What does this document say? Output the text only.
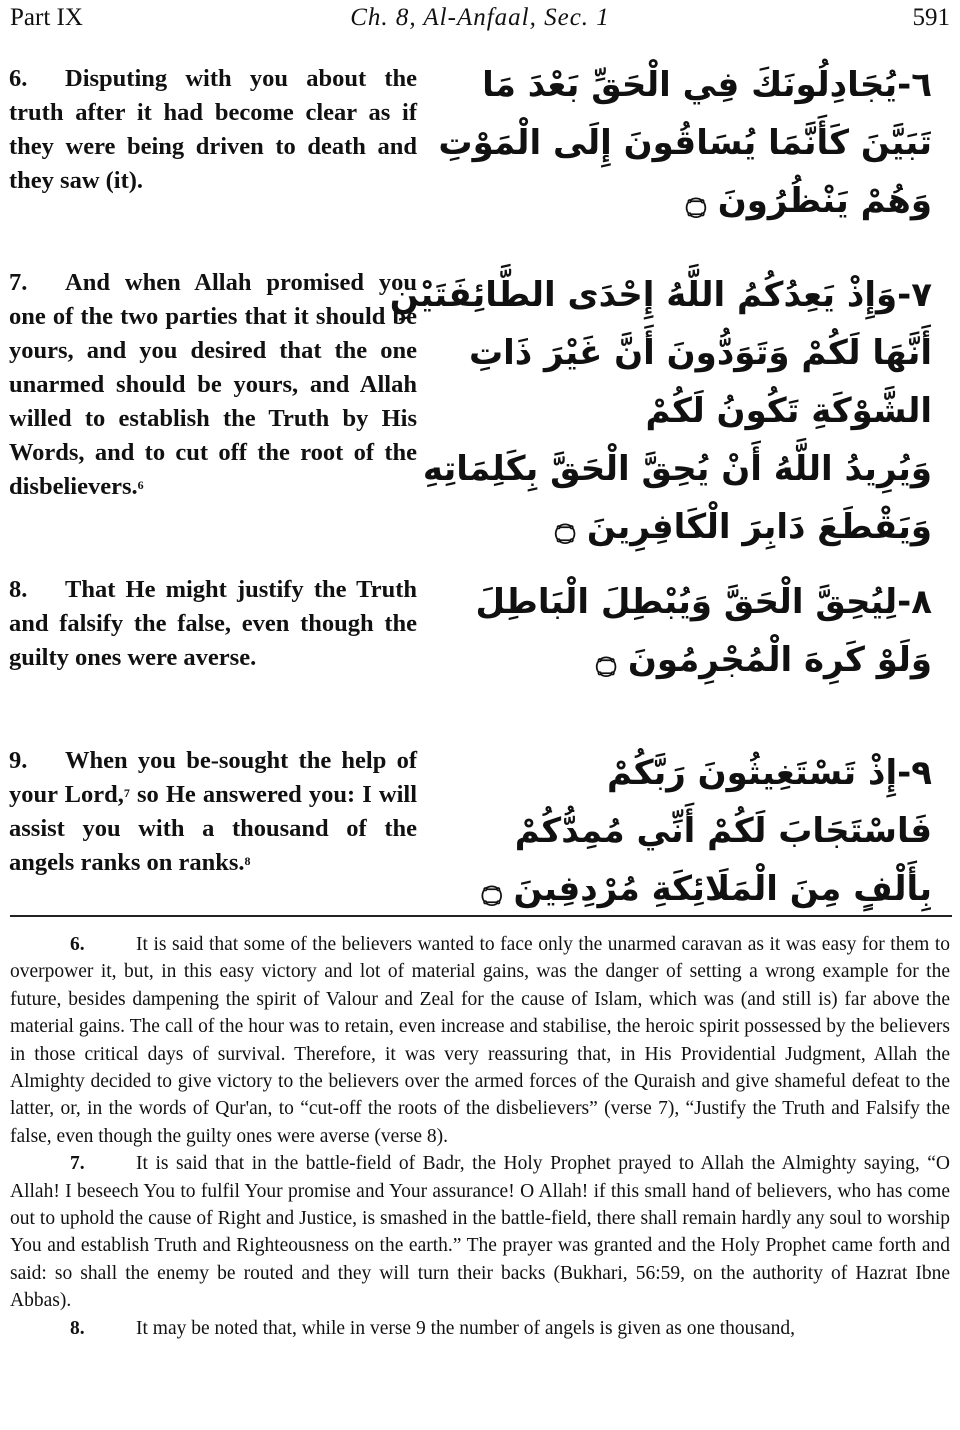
Ch. 8, Al-Anfaal, Sec. 1
Part IX	591
6. Disputing with you about the truth after it had become clear as if they were being driven to death and they saw (it).
٦-يُجَادِلُونَكَ فِي الْحَقِّ بَعْدَ مَا
تَبَيَّنَ كَأَنَّمَا يُسَاقُونَ إِلَى الْمَوْتِ
وَهُمْ يَنْظُرُونَ ۝
7. And when Allah promised you one of the two parties that it should be yours, and you desired that the one unarmed should be yours, and Allah willed to establish the Truth by His Words, and to cut off the root of the disbelievers.$^6$
٧-وَإِذْ يَعِدُكُمُ اللَّهُ إِحْدَى الطَّائِفَتَيْنِ
أَنَّهَا لَكُمْ وَتَوَدُّونَ أَنَّ غَيْرَ ذَاتِ
الشَّوْكَةِ تَكُونُ لَكُمْ
وَيُرِيدُ اللَّهُ أَنْ يُحِقَّ الْحَقَّ بِكَلِمَاتِهِ
وَيَقْطَعَ دَابِرَ الْكَافِرِينَ ۝
8. That He might justify the Truth and falsify the false, even though the guilty ones were averse.
٨-لِيُحِقَّ الْحَقَّ وَيُبْطِلَ الْبَاطِلَ
وَلَوْ كَرِهَ الْمُجْرِمُونَ ۝
9. When you be-sought the help of your Lord,$^7$ so He answered you: I will assist you with a thousand of the angels ranks on ranks.$^8$
٩-إِذْ تَسْتَغِيثُونَ رَبَّكُمْ
فَاسْتَجَابَ لَكُمْ أَنِّي مُمِدُّكُمْ
بِأَلْفٍ مِنَ الْمَلَائِكَةِ مُرْدِفِينَ ۝
6.	It is said that some of the believers wanted to face only the unarmed caravan as it was easy for them to overpower it, but, in this easy victory and lot of material gains, was the danger of setting a wrong example for the future, besides dampening the spirit of Valour and Zeal for the cause of Islam, which was (and still is) far above the material gains. The call of the hour was to retain, even increase and stabilise, the heroic spirit possessed by the believers in those critical days of survival. Therefore, it was very reassuring that, in His Providential Judgment, Allah the Almighty decided to give victory to the believers over the armed forces of the Quraish and give shameful defeat to the latter, or, in the words of Qur'an, to “cut-off the roots of the disbelievers” (verse 7), “Justify the Truth and Falsify the false, even though the guilty ones were averse (verse 8).
7.	It is said that in the battle-field of Badr, the Holy Prophet prayed to Allah the Almighty saying, “O Allah! I beseech You to fulfil Your promise and Your assurance! O Allah! if this small hand of believers, who has come out to uphold the cause of Right and Justice, is smashed in the battle-field, there shall remain hardly any soul to worship You and establish Truth and Righteousness on the earth.” The prayer was granted and the Holy Prophet came forth and said: so shall the enemy be routed and they will turn their backs (Bukhari, 56:59, on the authority of Hazrat Ibne Abbas).
8.	It may be noted that, while in verse 9 the number of angels is given as one thousand,
